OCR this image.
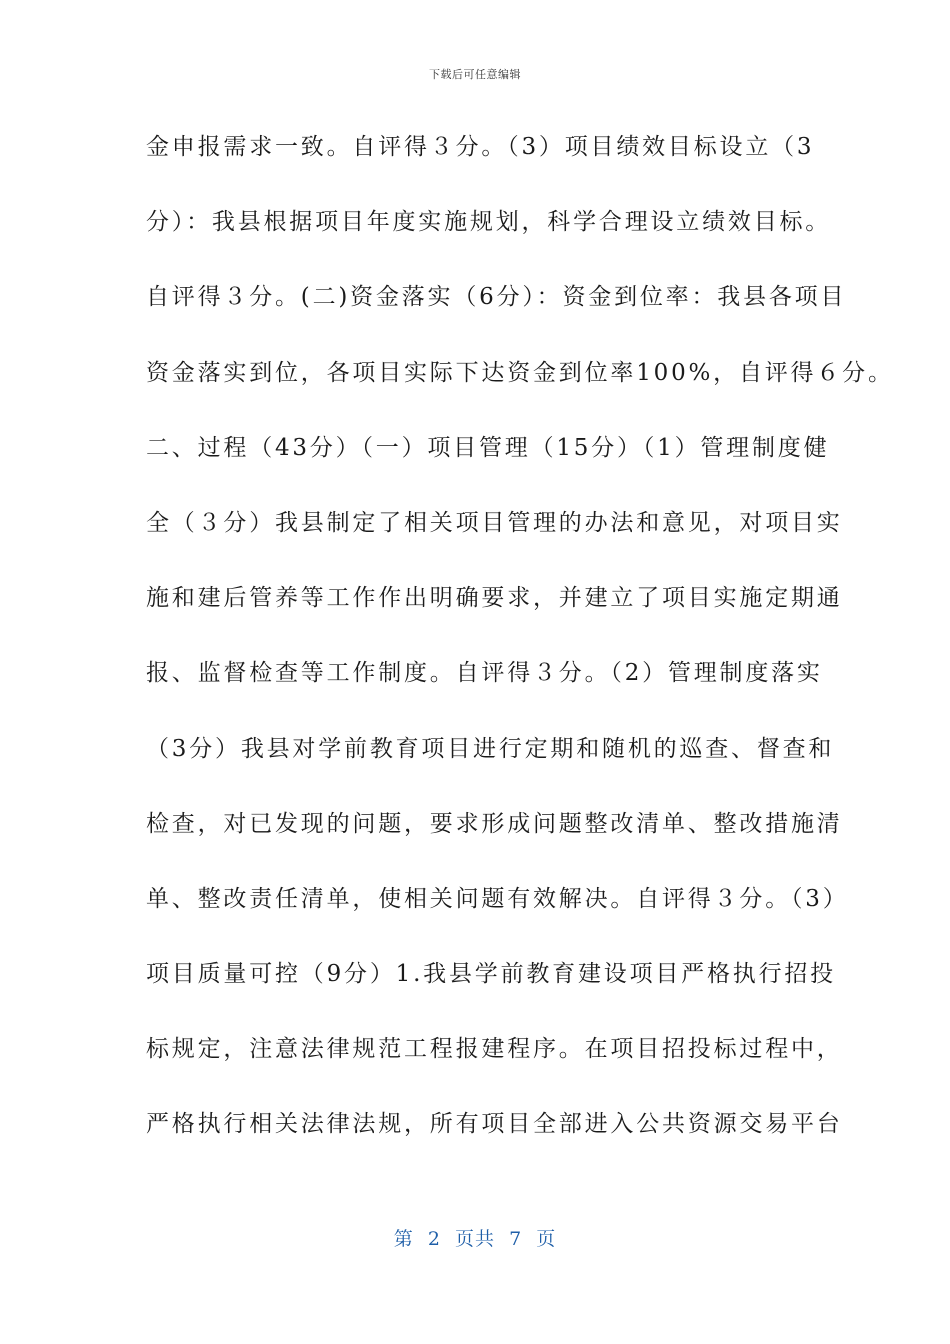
下载后可任意编辑
金申报需求一致。自评得３分。（3）项目绩效目标设立（3
分）：我县根据项目年度实施规划，科学合理设立绩效目标。
自评得３分。(二)资金落实（6分）：资金到位率：我县各项目
资金落实到位，各项目实际下达资金到位率100%，自评得６分。
二、过程（43分）（一）项目管理（15分）（1）管理制度健
全（３分）我县制定了相关项目管理的办法和意见，对项目实
施和建后管养等工作作出明确要求，并建立了项目实施定期通
报、监督检查等工作制度。自评得３分。（2）管理制度落实
（3分）我县对学前教育项目进行定期和随机的巡查、督查和
检查，对已发现的问题，要求形成问题整改清单、整改措施清
单、整改责任清单，使相关问题有效解决。自评得３分。（3）
项目质量可控（9分）1.我县学前教育建设项目严格执行招投
标规定，注意法律规范工程报建程序。在项目招投标过程中，
严格执行相关法律法规，所有项目全部进入公共资源交易平台
第  2  页共  7  页
